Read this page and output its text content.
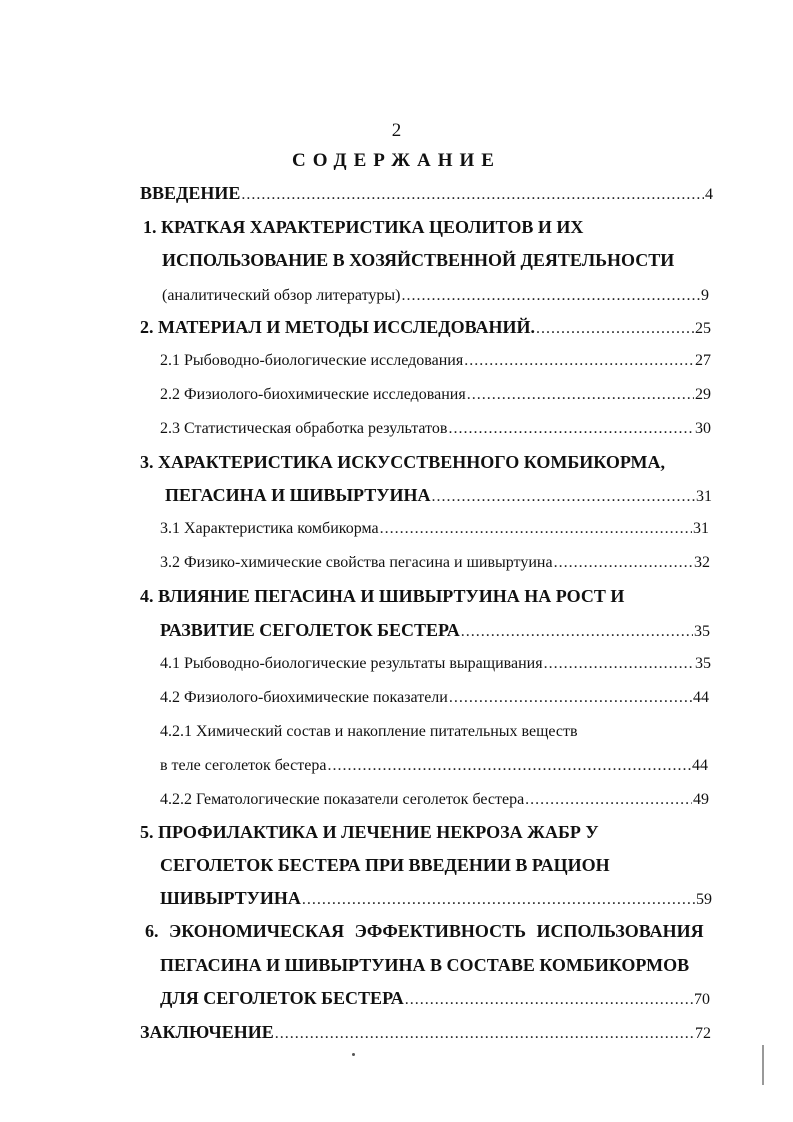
2
СОДЕРЖАНИЕ
ВВЕДЕНИЕ .....	4
1. КРАТКАЯ ХАРАКТЕРИСТИКА ЦЕОЛИТОВ И ИХ
ИСПОЛЬЗОВАНИЕ В ХОЗЯЙСТВЕННОЙ ДЕЯТЕЛЬНОСТИ
(аналитический обзор литературы) .....	9
2. МАТЕРИАЛ И МЕТОДЫ ИССЛЕДОВАНИЙ. .....	25
2.1 Рыбоводно-биологические исследования .....	27
2.2 Физиолого-биохимические исследования .....	29
2.3 Статистическая обработка результатов .....	30
3. ХАРАКТЕРИСТИКА ИСКУССТВЕННОГО КОМБИКОРМА,
ПЕГАСИНА И ШИВЫРТУИНА .....	31
3.1 Характеристика комбикорма .....	31
3.2 Физико-химические свойства пегасина и шивыртуина .....	32
4. ВЛИЯНИЕ ПЕГАСИНА И ШИВЫРТУИНА НА РОСТ И
РАЗВИТИЕ СЕГОЛЕТОК БЕСТЕРА .....	35
4.1 Рыбоводно-биологические результаты выращивания .....	35
4.2 Физиолого-биохимические показатели .....	44
4.2.1 Химический состав и накопление питательных веществ
в теле сеголеток бестера .....	44
4.2.2 Гематологические показатели сеголеток бестера .....	49
5. ПРОФИЛАКТИКА И ЛЕЧЕНИЕ НЕКРОЗА ЖАБР У
СЕГОЛЕТОК БЕСТЕРА ПРИ ВВЕДЕНИИ В РАЦИОН
ШИВЫРТУИНА .....	59
6. ЭКОНОМИЧЕСКАЯ ЭФФЕКТИВНОСТЬ ИСПОЛЬЗОВАНИЯ
ПЕГАСИНА И ШИВЫРТУИНА В СОСТАВЕ КОМБИКОРМОВ
ДЛЯ СЕГОЛЕТОК БЕСТЕРА .....	70
ЗАКЛЮЧЕНИЕ .....	72
